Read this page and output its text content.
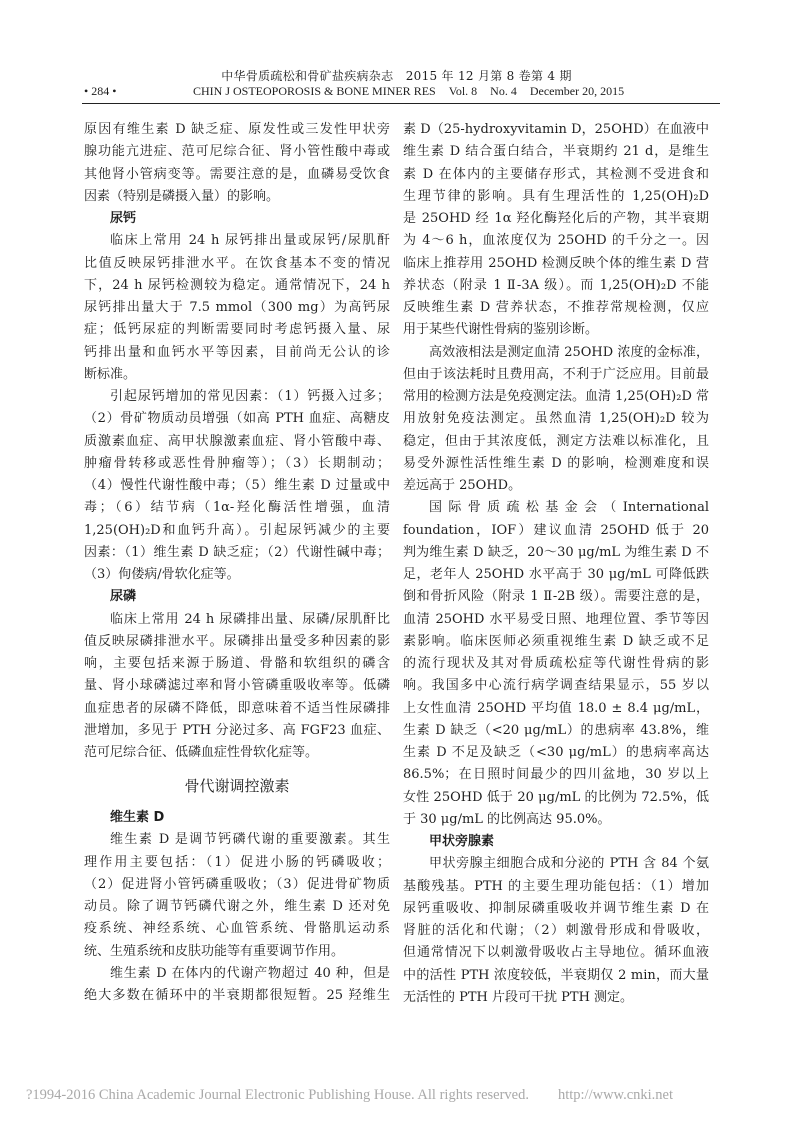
中华骨质疏松和骨矿盐疾病杂志　2015 年 12 月第 8 卷第 4 期
• 284 •	CHIN J OSTEOPOROSIS & BONE MINER RES Vol. 8 No. 4 December 20, 2015
原因有维生素 D 缺乏症、原发性或三发性甲状旁
腺功能亢进症、范可尼综合征、肾小管性酸中毒或
其他肾小管病变等。需要注意的是，血磷易受饮食
因素（特别是磷摄入量）的影响。
尿钙
临床上常用 24 h 尿钙排出量或尿钙/尿肌酐
比值反映尿钙排泄水平。在饮食基本不变的情况
下，24 h 尿钙检测较为稳定。通常情况下，24 h
尿钙排出量大于 7.5 mmol（300 mg）为高钙尿
症；低钙尿症的判断需要同时考虑钙摄入量、尿
钙排出量和血钙水平等因素，目前尚无公认的诊
断标准。
引起尿钙增加的常见因素：（1）钙摄入过多；
（2）骨矿物质动员增强（如高 PTH 血症、高糖皮
质激素血症、高甲状腺激素血症、肾小管酸中毒、
肿瘤骨转移或恶性骨肿瘤等）；（3）长期制动；
（4）慢性代谢性酸中毒；（5）维生素 D 过量或中
毒；（6）结节病（1α-羟化酶活性增强，血清
1,25(OH)₂D和血钙升高）。引起尿钙减少的主要
因素：（1）维生素 D 缺乏症；（2）代谢性碱中毒；
（3）佝偻病/骨软化症等。
尿磷
临床上常用 24 h 尿磷排出量、尿磷/尿肌酐比
值反映尿磷排泄水平。尿磷排出量受多种因素的影
响，主要包括来源于肠道、骨骼和软组织的磷含
量、肾小球磷滤过率和肾小管磷重吸收率等。低磷
血症患者的尿磷不降低，即意味着不适当性尿磷排
泄增加，多见于 PTH 分泌过多、高 FGF23 血症、
范可尼综合征、低磷血症性骨软化症等。
骨代谢调控激素
维生素 D
维生素 D 是调节钙磷代谢的重要激素。其生
理作用主要包括：（1）促进小肠的钙磷吸收；
（2）促进肾小管钙磷重吸收；（3）促进骨矿物质
动员。除了调节钙磷代谢之外，维生素 D 还对免
疫系统、神经系统、心血管系统、骨骼肌运动系
统、生殖系统和皮肤功能等有重要调节作用。
维生素 D 在体内的代谢产物超过 40 种，但是
绝大多数在循环中的半衰期都很短暂。25 羟维生
素 D（25-hydroxyvitamin D，25OHD）在血液中
维生素 D 结合蛋白结合，半衰期约 21 d，是维生
素 D 在体内的主要储存形式，其检测不受进食和
生理节律的影响。具有生理活性的 1,25(OH)₂D
是 25OHD 经 1α 羟化酶羟化后的产物，其半衰期
为 4～6 h，血浓度仅为 25OHD 的千分之一。因
临床上推荐用 25OHD 检测反映个体的维生素 D 营
养状态（附录 1 Ⅱ-3A 级）。而 1,25(OH)₂D 不能
反映维生素 D 营养状态，不推荐常规检测，仅应
用于某些代谢性骨病的鉴别诊断。
高效液相法是测定血清 25OHD 浓度的金标准，
但由于该法耗时且费用高，不利于广泛应用。目前最
常用的检测方法是免疫测定法。血清 1,25(OH)₂D 常
用放射免疫法测定。虽然血清 1,25(OH)₂D 较为
稳定，但由于其浓度低，测定方法难以标准化，且
易受外源性活性维生素 D 的影响，检测难度和误
差远高于 25OHD。
国际骨质疏松基金会（International
foundation，IOF）建议血清 25OHD 低于 20
判为维生素 D 缺乏，20～30 μg/mL 为维生素 D 不
足，老年人 25OHD 水平高于 30 μg/mL 可降低跌
倒和骨折风险（附录 1 Ⅱ-2B 级）。需要注意的是，
血清 25OHD 水平易受日照、地理位置、季节等因
素影响。临床医师必须重视维生素 D 缺乏或不足
的流行现状及其对骨质疏松症等代谢性骨病的影
响。我国多中心流行病学调查结果显示，55 岁以
上女性血清 25OHD 平均值 18.0 ± 8.4 μg/mL，
生素 D 缺乏（<20 μg/mL）的患病率 43.8%，维
生素 D 不足及缺乏（<30 μg/mL）的患病率高达
86.5%；在日照时间最少的四川盆地，30 岁以上
女性 25OHD 低于 20 μg/mL 的比例为 72.5%，低
于 30 μg/mL 的比例高达 95.0%。
甲状旁腺素
甲状旁腺主细胞合成和分泌的 PTH 含 84 个氨
基酸残基。PTH 的主要生理功能包括：（1）增加
尿钙重吸收、抑制尿磷重吸收并调节维生素 D 在
肾脏的活化和代谢；（2）刺激骨形成和骨吸收，
但通常情况下以刺激骨吸收占主导地位。循环血液
中的活性 PTH 浓度较低，半衰期仅 2 min，而大量
无活性的 PTH 片段可干扰 PTH 测定。
?1994-2016 China Academic Journal Electronic Publishing House. All rights reserved.　　http://www.cnki.net
